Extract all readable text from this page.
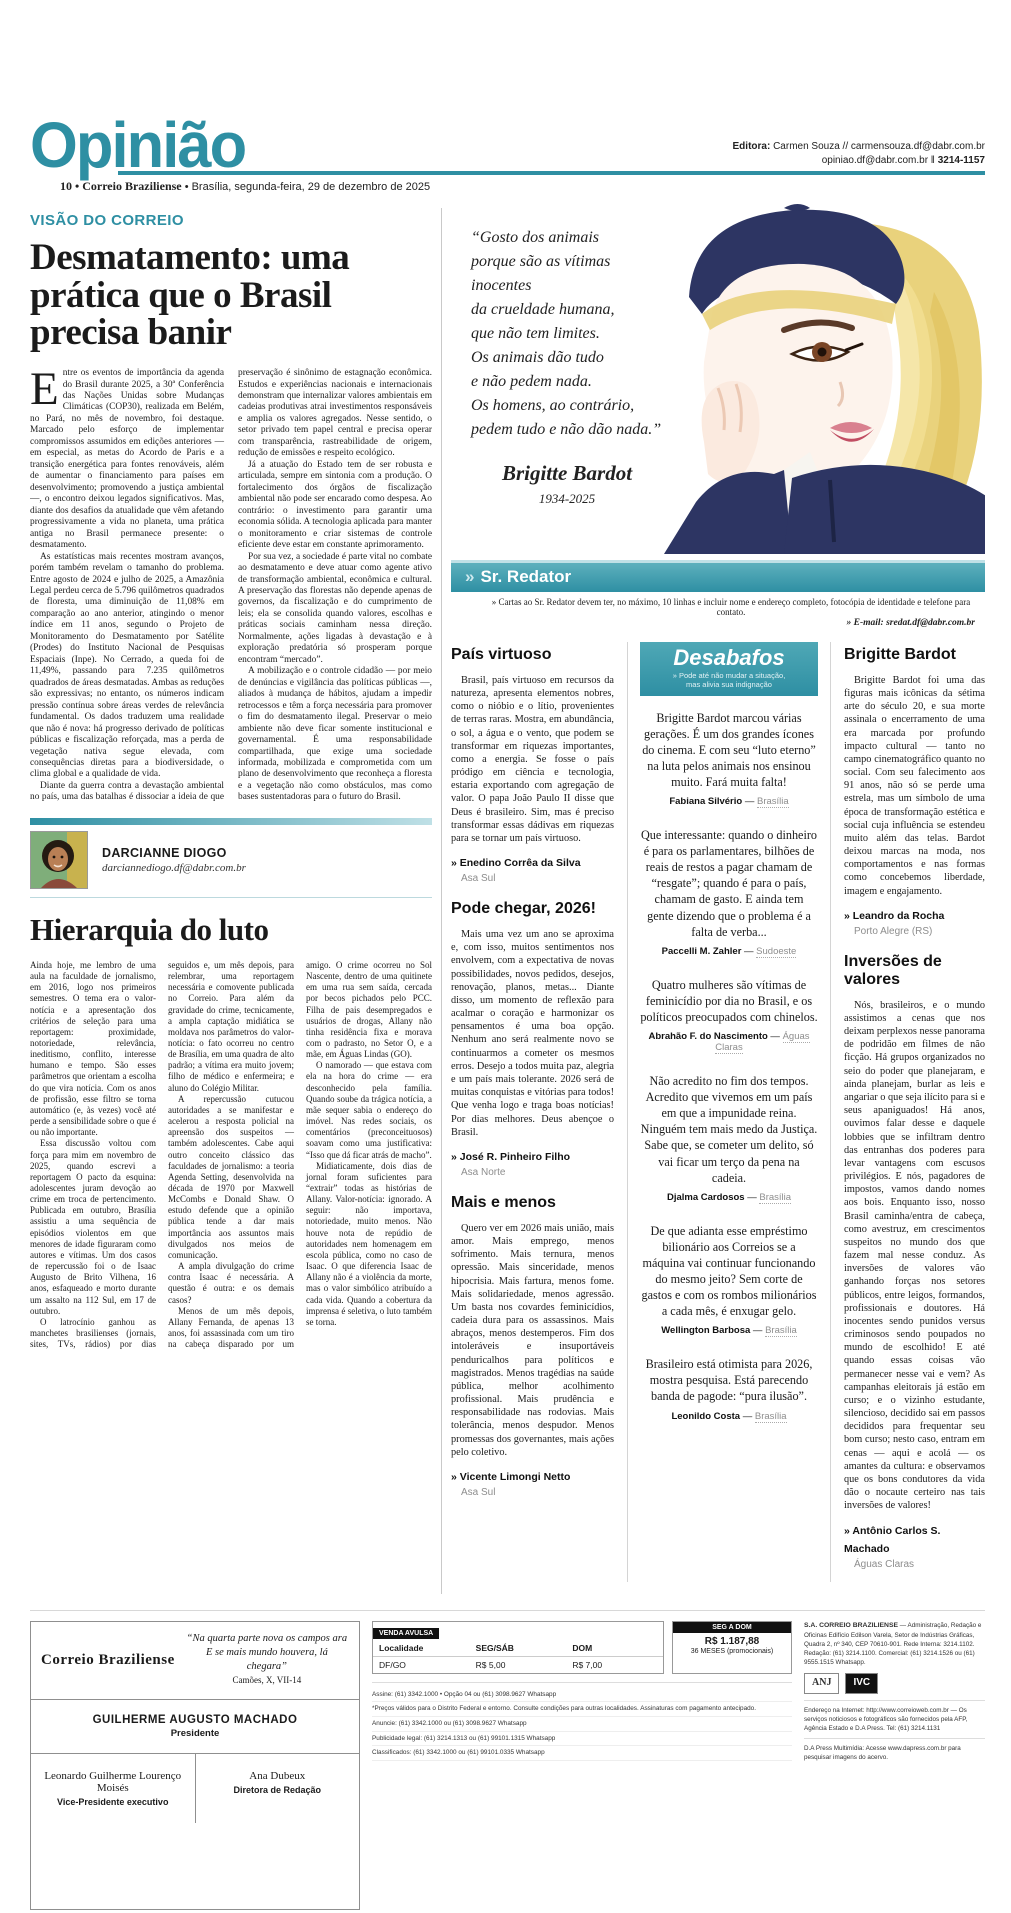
Opinião	Editora: Carmen Souza // carmensouza.df@dabr.com.br
opiniao.df@dabr.com.br ‖ 3214-1157
10 • Correio Braziliense • Brasília, segunda-feira, 29 de dezembro de 2025
VISÃO DO CORREIO
Desmatamento: uma prática que o Brasil precisa banir

Entre os eventos de importância da agenda do Brasil durante 2025, a 30ª Conferência das Nações Unidas sobre Mudanças Climáticas (COP30), realizada em Belém, no Pará, no mês de novembro, foi destaque. Marcado pelo esforço de implementar compromissos assumidos em edições anteriores — em especial, as metas do Acordo de Paris e a transição energética para fontes renováveis, além de aumentar o financiamento para países em desenvolvimento; promovendo a justiça ambiental —, o encontro deixou legados significativos. Mas, diante dos desafios da atualidade que vêm afetando progressivamente a vida no planeta, uma prática antiga no Brasil permanece presente: o desmatamento.

As estatísticas mais recentes mostram avanços, porém também revelam o tamanho do problema. Entre agosto de 2024 e julho de 2025, a Amazônia Legal perdeu cerca de 5.796 quilômetros quadrados de floresta, uma diminuição de 11,08% em comparação ao ano anterior, atingindo o menor índice em 11 anos, segundo o Projeto de Monitoramento do Desmatamento por Satélite (Prodes) do Instituto Nacional de Pesquisas Espaciais (Inpe). No Cerrado, a queda foi de 11,49%, passando para 7.235 quilômetros quadrados de áreas desmatadas. Ambas as reduções são expressivas; no entanto, os números indicam pressão contínua sobre áreas verdes de relevância fundamental. Os dados traduzem uma realidade que não é nova: há progresso derivado de políticas públicas e fiscalização reforçada, mas a perda de vegetação nativa segue elevada, com consequências diretas para a biodiversidade, o clima global e a qualidade de vida.

Diante da guerra contra a devastação ambiental no país, uma das batalhas é dissociar a ideia de que preservação é sinônimo de estagnação econômica. Estudos e experiências nacionais e internacionais demonstram que internalizar valores ambientais em cadeias produtivas atrai investimentos responsáveis e amplia os valores agregados. Nesse sentido, o setor privado tem papel central e precisa operar com transparência, rastreabilidade de origem, redução de emissões e respeito ecológico.

Já a atuação do Estado tem de ser robusta e articulada, sempre em sintonia com a produção. O fortalecimento dos órgãos de fiscalização ambiental não pode ser encarado como despesa. Ao contrário: o investimento para garantir uma economia sólida. A tecnologia aplicada para manter o monitoramento e criar sistemas de controle eficiente deve estar em constante aprimoramento.

Por sua vez, a sociedade é parte vital no combate ao desmatamento e deve atuar como agente ativo de transformação ambiental, econômica e cultural. A preservação das florestas não depende apenas de governos, da fiscalização e do cumprimento de leis; ela se consolida quando valores, escolhas e práticas sociais caminham nessa direção. Normalmente, ações ligadas à devastação e à exploração predatória só prosperam porque encontram “mercado”.

A mobilização e o controle cidadão — por meio de denúncias e vigilância das políticas públicas —, aliados à mudança de hábitos, ajudam a impedir retrocessos e têm a força necessária para promover o fim do desmatamento ilegal. Preservar o meio ambiente não deve ficar somente institucional e governamental. É uma responsabilidade compartilhada, que exige uma sociedade informada, mobilizada e comprometida com um plano de desenvolvimento que reconheça a floresta e a vegetação não como obstáculos, mas como bases sustentadoras para o futuro do Brasil.

DARCIANNE DIOGO
darciannediogo.df@dabr.com.br
Hierarquia do luto

Ainda hoje, me lembro de uma aula na faculdade de jornalismo, em 2016, logo nos primeiros semestres. O tema era o valor-notícia e a apresentação dos critérios de seleção para uma reportagem: proximidade, notoriedade, relevância, ineditismo, conflito, interesse humano e tempo. São esses parâmetros que orientam a escolha do que vira notícia. Com os anos de profissão, esse filtro se torna automático (e, às vezes) você até perde a sensibilidade sobre o que é ou não importante.

Essa discussão voltou com força para mim em novembro de 2025, quando escrevi a reportagem O pacto da esquina: adolescentes juram devoção ao crime em troca de pertencimento. Publicada em outubro, Brasília assistiu a uma sequência de episódios violentos em que menores de idade figuraram como autores e vítimas. Um dos casos de repercussão foi o de Isaac Augusto de Brito Vilhena, 16 anos, esfaqueado e morto durante um assalto na 112 Sul, em 17 de outubro.

O latrocínio ganhou as manchetes brasilienses (jornais, sites, TVs, rádios) por dias seguidos e, um mês depois, para relembrar, uma reportagem necessária e comovente publicada no Correio. Para além da gravidade do crime, tecnicamente, a ampla captação midiática se moldava nos parâmetros do valor-notícia: o fato ocorreu no centro de Brasília, em uma quadra de alto padrão; a vítima era muito jovem; filho de médico e enfermeira; e aluno do Colégio Militar.

A repercussão cutucou autoridades a se manifestar e acelerou a resposta policial na apreensão dos suspeitos — também adolescentes. Cabe aqui outro conceito clássico das faculdades de jornalismo: a teoria Agenda Setting, desenvolvida na década de 1970 por Maxwell McCombs e Donald Shaw. O estudo defende que a opinião pública tende a dar mais importância aos assuntos mais divulgados nos meios de comunicação.

A ampla divulgação do crime contra Isaac é necessária. A questão é outra: e os demais casos?

Menos de um mês depois, Allany Fernanda, de apenas 13 anos, foi assassinada com um tiro na cabeça disparado por um amigo. O crime ocorreu no Sol Nascente, dentro de uma quitinete em uma rua sem saída, cercada por becos pichados pelo PCC. Filha de pais desempregados e usuários de drogas, Allany não tinha residência fixa e morava com o padrasto, no Setor O, e a mãe, em Águas Lindas (GO).

O namorado — que estava com ela na hora do crime — era desconhecido pela família. Quando soube da trágica notícia, a mãe sequer sabia o endereço do imóvel. Nas redes sociais, os comentários (preconceituosos) soavam como uma justificativa: “Isso que dá ficar atrás de macho”.

Midiaticamente, dois dias de jornal foram suficientes para “extrair” todas as histórias de Allany. Valor-notícia: ignorado. A seguir: não importava, notoriedade, muito menos. Não houve nota de repúdio de autoridades nem homenagem em escola pública, como no caso de Isaac. O que diferencia Isaac de Allany não é a violência da morte, mas o valor simbólico atribuído a cada vida. Quando a cobertura da imprensa é seletiva, o luto também se torna.

“Gosto dos animais
porque são as vítimas
inocentes
da crueldade humana,
que não tem limites.
Os animais dão tudo
e não pedem nada.
Os homens, ao contrário,
pedem tudo e não dão nada.”
Brigitte Bardot
1934-2025
» Sr. Redator
» Cartas ao Sr. Redator devem ter, no máximo, 10 linhas e incluir nome e endereço completo, fotocópia de identidade e telefone para contato.
» E-mail: sredat.df@dabr.com.br
País virtuoso

Brasil, país virtuoso em recursos da natureza, apresenta elementos nobres, como o nióbio e o lítio, provenientes de terras raras. Mostra, em abundância, o sol, a água e o vento, que podem se transformar em riquezas importantes, como a energia. Se fosse o país pródigo em ciência e tecnologia, estaria exportando com agregação de valor. O papa João Paulo II disse que Deus é brasileiro. Sim, mas é preciso transformar essas dádivas em riquezas para se tornar um país virtuoso.

» Enedino Corrêa da Silva
Asa Sul
Pode chegar, 2026!

Mais uma vez um ano se aproxima e, com isso, muitos sentimentos nos envolvem, com a expectativa de novas possibilidades, novos pedidos, desejos, renovação, planos, metas... Diante disso, um momento de reflexão para acalmar o coração e harmonizar os pensamentos é uma boa opção. Nenhum ano será realmente novo se continuarmos a cometer os mesmos erros. Desejo a todos muita paz, alegria e um país mais tolerante. 2026 será de muitas conquistas e vitórias para todos! Que venha logo e traga boas notícias! Por dias melhores. Deus abençoe o Brasil.

» José R. Pinheiro Filho
Asa Norte
Mais e menos

Quero ver em 2026 mais união, mais amor. Mais emprego, menos sofrimento. Mais ternura, menos opressão. Mais sinceridade, menos hipocrisia. Mais fartura, menos fome. Mais solidariedade, menos agressão. Um basta nos covardes feminicídios, cadeia dura para os assassinos. Mais abraços, menos destemperos. Fim dos intoleráveis e insuportáveis penduricalhos para políticos e magistrados. Menos tragédias na saúde pública, melhor acolhimento profissional. Mais prudência e responsabilidade nas rodovias. Mais tolerância, menos despudor. Menos promessas dos governantes, mais ações pelo coletivo.

» Vicente Limongi Netto
Asa Sul
Desabafos
» Pode até não mudar a situação,
mas alivia sua indignação

Brigitte Bardot marcou várias gerações. É um dos grandes ícones do cinema. E com seu “luto eterno” na luta pelos animais nos ensinou muito. Fará muita falta!

Fabiana Silvério — Brasília

Que interessante: quando o dinheiro é para os parlamentares, bilhões de reais de restos a pagar chamam de “resgate”; quando é para o país, chamam de gasto. E ainda tem gente dizendo que o problema é a falta de verba...

Paccelli M. Zahler — Sudoeste

Quatro mulheres são vítimas de feminicídio por dia no Brasil, e os políticos preocupados com chinelos.

Abrahão F. do Nascimento — Águas Claras

Não acredito no fim dos tempos. Acredito que vivemos em um país em que a impunidade reina. Ninguém tem mais medo da Justiça. Sabe que, se cometer um delito, só vai ficar um terço da pena na cadeia.

Djalma Cardosos — Brasília

De que adianta esse empréstimo bilionário aos Correios se a máquina vai continuar funcionando do mesmo jeito? Sem corte de gastos e com os rombos milionários a cada mês, é enxugar gelo.

Wellington Barbosa — Brasília

Brasileiro está otimista para 2026, mostra pesquisa. Está parecendo banda de pagode: “pura ilusão”.

Leonildo Costa — Brasília

Brigitte Bardot

Brigitte Bardot foi uma das figuras mais icônicas da sétima arte do século 20, e sua morte assinala o encerramento de uma era marcada por profundo impacto cultural — tanto no campo cinematográfico quanto no social. Com seu falecimento aos 91 anos, não só se perde uma estrela, mas um símbolo de uma época de transformação estética e social cuja influência se estendeu muito além das telas. Bardot deixou marcas na moda, nos comportamentos e nas formas como concebemos liberdade, imagem e engajamento.

» Leandro da Rocha
Porto Alegre (RS)
Inversões de valores

Nós, brasileiros, e o mundo assistimos a cenas que nos deixam perplexos nesse panorama de podridão em filmes de não ficção. Há grupos organizados no seio do poder que planejaram, e ainda planejam, burlar as leis e angariar o que seja ilícito para si e seus apaniguados! Há anos, ouvimos falar desse e daquele lobbies que se infiltram dentro das entranhas dos poderes para levar vantagens com escusos privilégios. E nós, pagadores de impostos, vamos dando nomes aos bois. Enquanto isso, nosso Brasil caminha/entra de cabeça, como avestruz, em crescimentos suspeitos no mundo dos que fazem mal nesse conduz. As inversões de valores vão ganhando forças nos setores públicos, entre leigos, formandos, profissionais e doutores. Há inocentes sendo punidos versus criminosos sendo poupados no mundo de escolhido! E até quando essas coisas vão permanecer nesse vai e vem? As campanhas eleitorais já estão em curso; e o vizinho estudante, silencioso, decidido sai em passos decididos para frequentar seu bom curso; nesto caso, entram em cenas — aqui e acolá — os amantes da cultura: e observamos que os bons condutores da vida dão o nocaute certeiro nas tais inversões de valores!

» Antônio Carlos S. Machado
Águas Claras
Correio Braziliense
“Na quarta parte nova os campos ara
E se mais mundo houvera, lá chegara”
Camões, X, VII-14
GUILHERME AUGUSTO MACHADO
Presidente
Leonardo Guilherme Lourenço Moisés
Vice-Presidente executivo
Ana Dubeux
Diretora de Redação
VENDA AVULSA
Localidade	SEG/SÁB	DOM
DF/GO	R$ 5,00	R$ 7,00
SEG A DOM
R$ 1.187,88
36 MESES (promocionais)
Assine: (61) 3342.1000 • Opção 04 ou (61) 3098.9627 Whatsapp
*Preços válidos para o Distrito Federal e entorno. Consulte condições para outras localidades. Assinaturas com pagamento antecipado.
Anuncie: (61) 3342.1000 ou (61) 3098.9627 Whatsapp
Publicidade legal: (61) 3214.1313 ou (61) 99101.1315 Whatsapp
Classificados: (61) 3342.1000 ou (61) 99101.0335 Whatsapp
S.A. CORREIO BRAZILIENSE — Administração, Redação e Oficinas Edifício Edilson Varela, Setor de Indústrias Gráficas, Quadra 2, nº 340, CEP 70610-901. Rede Interna: 3214.1102. Redação: (61) 3214.1100. Comercial: (61) 3214.1526 ou (61) 9555.1515 Whatsapp.
ANJ	IVC
Endereço na Internet: http://www.correioweb.com.br — Os serviços noticiosos e fotográficos são fornecidos pela AFP, Agência Estado e D.A Press. Tel: (61) 3214.1131
D.A Press Multimídia: Acesse www.dapress.com.br para pesquisar imagens do acervo.
